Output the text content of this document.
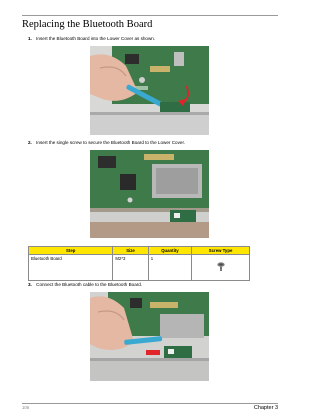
Replacing the Bluetooth Board
1. Insert the Bluetooth Board into the Lower Cover as shown.
2. Insert the single screw to secure the Bluetooth Board to the Lower Cover.
Step	Size	Quantity	Screw Type
Bluetooth Board	M2*3	1	
3. Connect the Bluetooth cable to the Bluetooth Board.
106	Chapter 3
